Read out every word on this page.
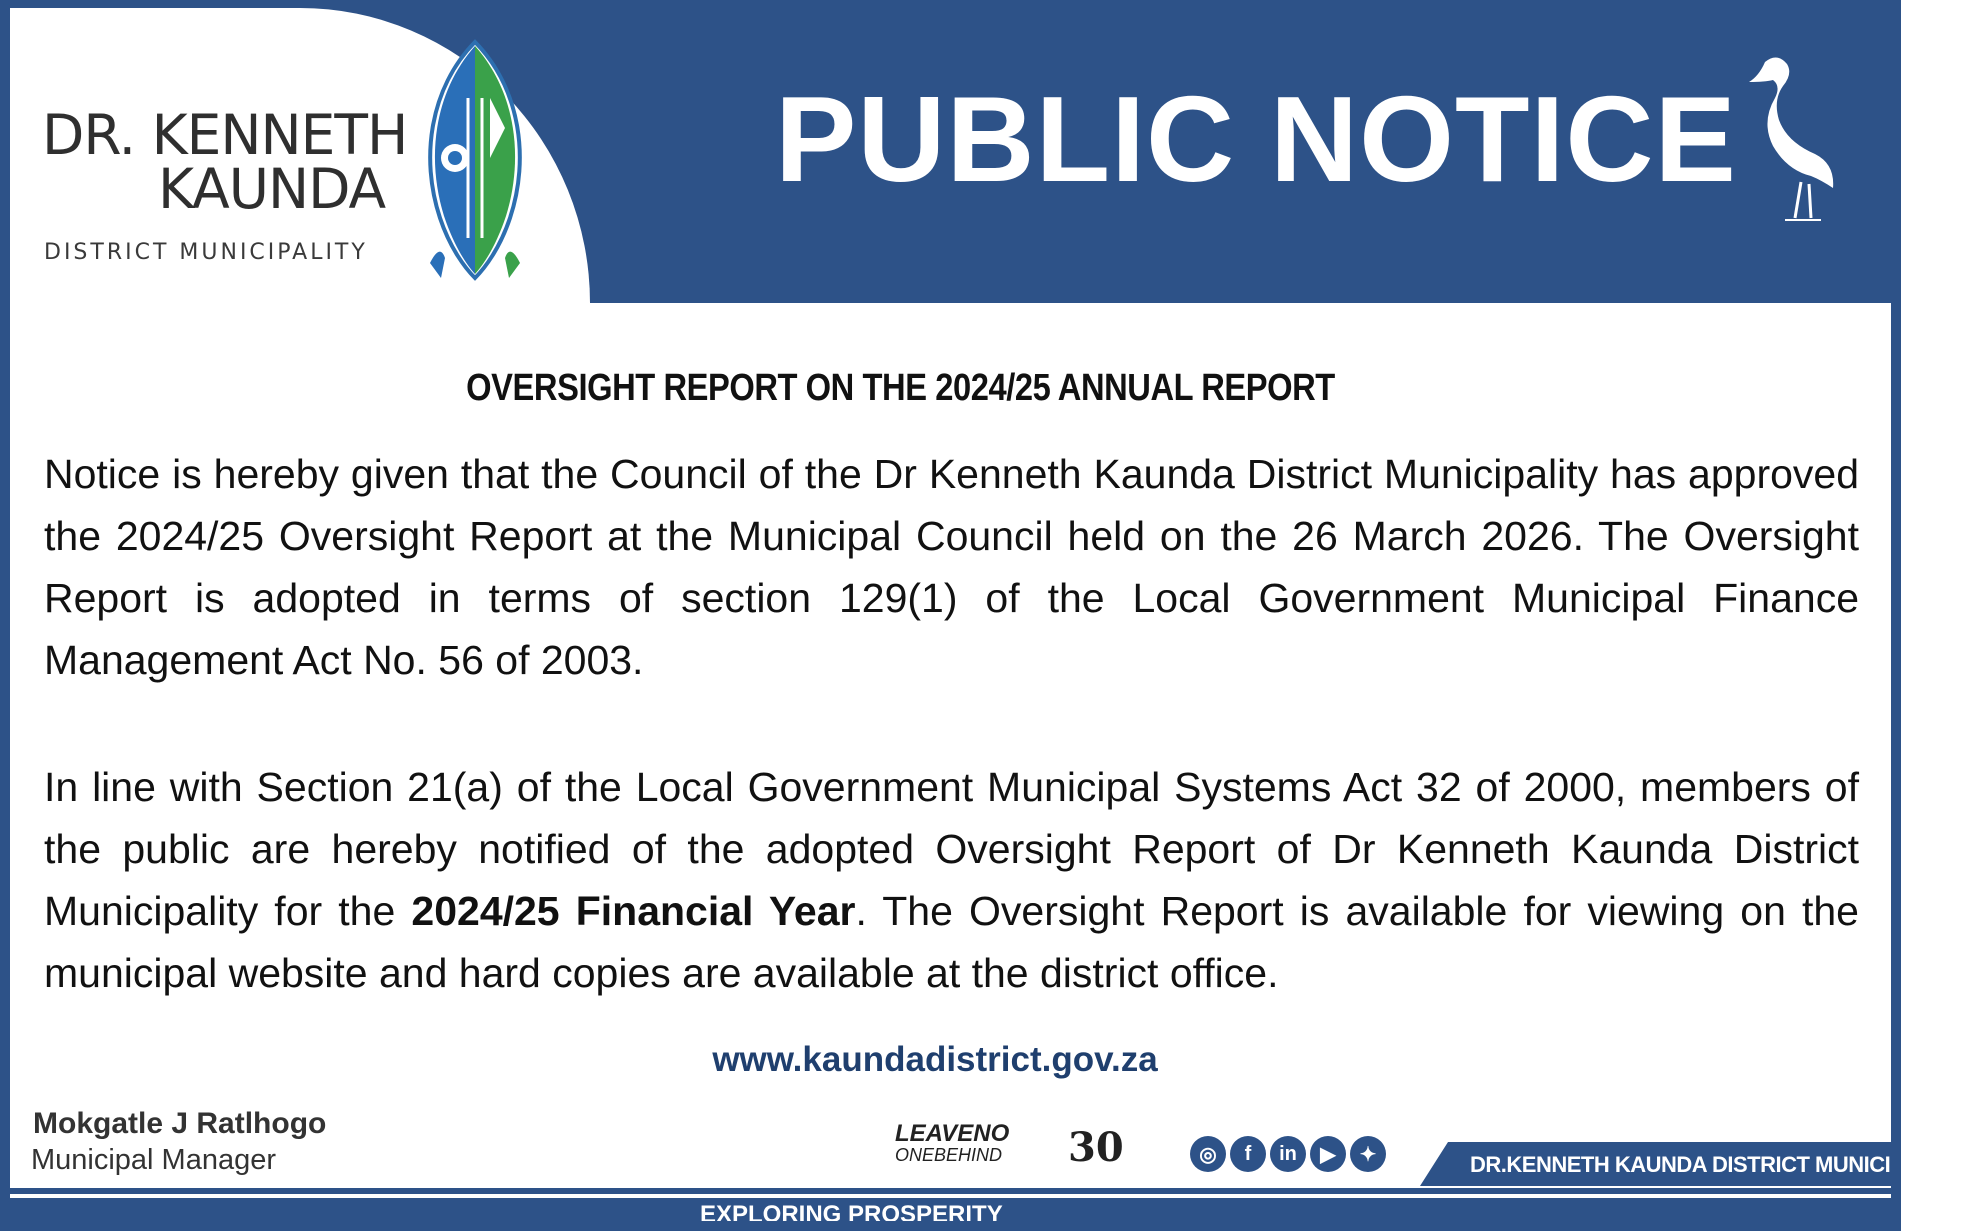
DR. KENNETH
KAUNDA
DISTRICT MUNICIPALITY
PUBLIC NOTICE
OVERSIGHT REPORT ON THE 2024/25 ANNUAL REPORT
Notice is hereby given that the Council of the Dr Kenneth Kaunda District Municipality has approved the 2024/25 Oversight Report at the Municipal Council held on the 26 March 2026. The Oversight Report is adopted in terms of section 129(1) of the Local Government Municipal Finance Management Act No. 56 of 2003.
In line with Section 21(a) of the Local Government Municipal Systems Act 32 of 2000, members of the public are hereby notified of the adopted Oversight Report of Dr Kenneth Kaunda District Municipality for the 2024/25 Financial Year. The Oversight Report is available for viewing on the municipal website and hard copies are available at the district office.
www.kaundadistrict.gov.za
Mokgatle J Ratlhogo
Municipal Manager
LEAVENO
ONEBEHIND 30	◎	f	in	▶	✦	DR.KENNETH KAUNDA DISTRICT MUNICIPALITY
EXPLORING PROSPERITY
